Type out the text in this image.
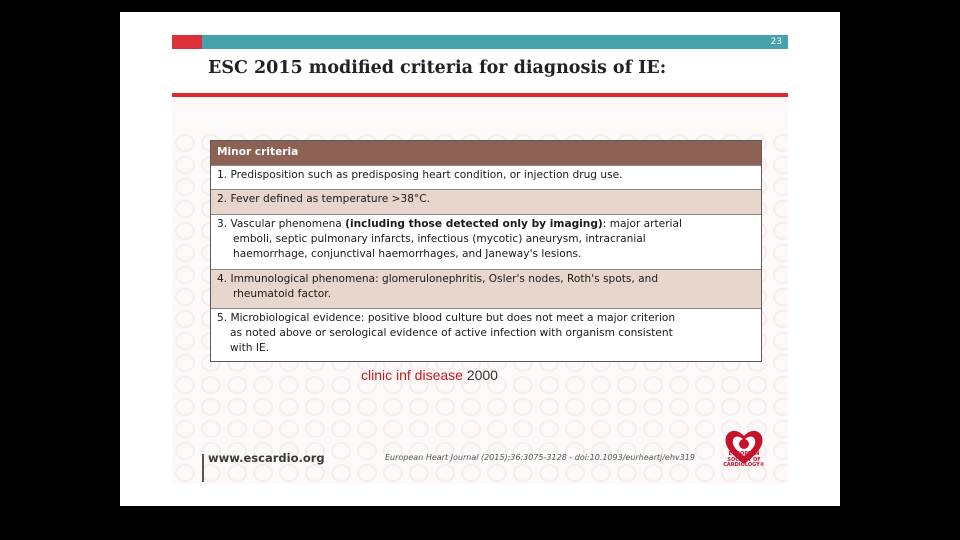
23
ESC 2015 modified criteria for diagnosis of IE:
Minor criteria
1. Predisposition such as predisposing heart condition, or injection drug use.
2. Fever defined as temperature >38°C.
3. Vascular phenomena (including those detected only by imaging): major arterial
emboli, septic pulmonary infarcts, infectious (mycotic) aneurysm, intracranial
haemorrhage, conjunctival haemorrhages, and Janeway's lesions.
4. Immunological phenomena: glomerulonephritis, Osler's nodes, Roth's spots, and
rheumatoid factor.
5. Microbiological evidence: positive blood culture but does not meet a major criterion
as noted above or serological evidence of active infection with organism consistent
with IE.
clinic inf disease 2000
www.escardio.org	European Heart Journal (2015);36:3075-3128 - doi:10.1093/eurheartj/ehv319	EUROPEAN
SOCIETY OF
CARDIOLOGY®
